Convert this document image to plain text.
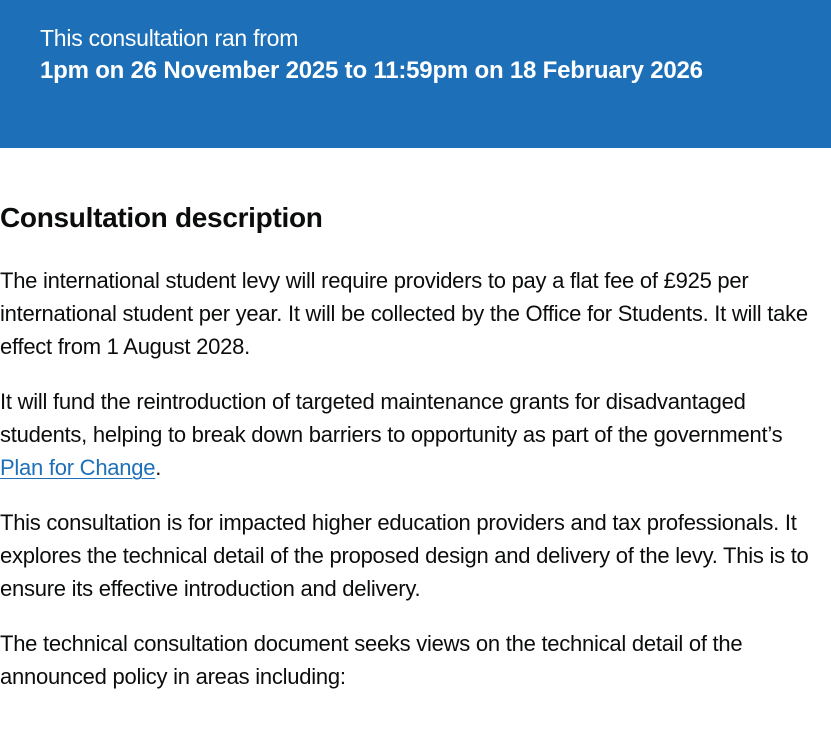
This consultation ran from

1pm on 26 November 2025 to 11:59pm on 18 February 2026

Consultation description

The international student levy will require providers to pay a flat fee of £925 per international student per year. It will be collected by the Office for Students. It will take effect from 1 August 2028.

It will fund the reintroduction of targeted maintenance grants for disadvantaged students, helping to break down barriers to opportunity as part of the government’s Plan for Change.

This consultation is for impacted higher education providers and tax professionals. It explores the technical detail of the proposed design and delivery of the levy. This is to ensure its effective introduction and delivery.

The technical consultation document seeks views on the technical detail of the announced policy in areas including:
